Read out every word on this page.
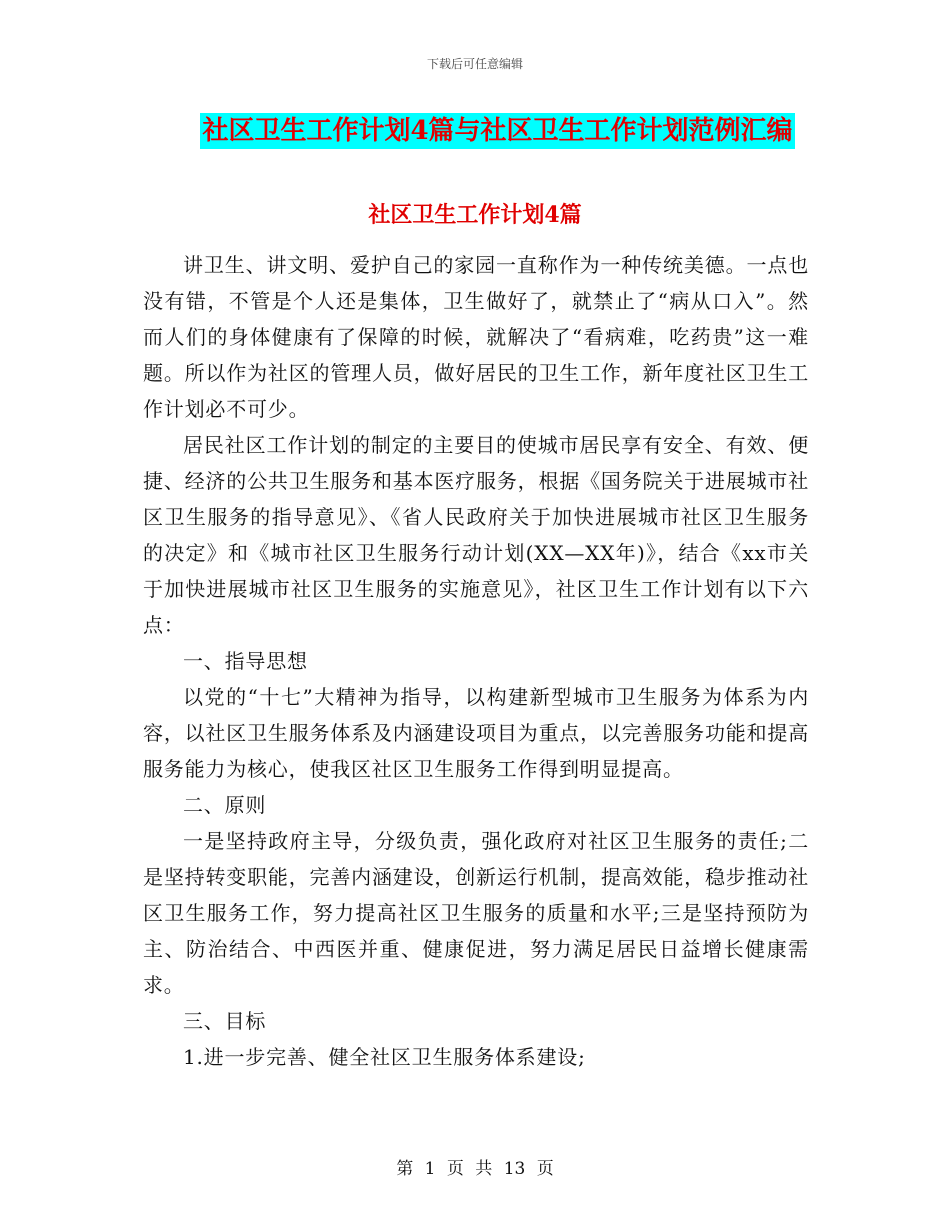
下载后可任意编辑
社区卫生工作计划4篇与社区卫生工作计划范例汇编
社区卫生工作计划4篇

讲卫生、讲文明、爱护自己的家园一直称作为一种传统美德。一点也没有错，不管是个人还是集体，卫生做好了，就禁止了“病从口入”。然而人们的身体健康有了保障的时候，就解决了“看病难，吃药贵”这一难题。所以作为社区的管理人员，做好居民的卫生工作，新年度社区卫生工作计划必不可少。

居民社区工作计划的制定的主要目的使城市居民享有安全、有效、便捷、经济的公共卫生服务和基本医疗服务，根据《国务院关于进展城市社区卫生服务的指导意见》、《省人民政府关于加快进展城市社区卫生服务的决定》和《城市社区卫生服务行动计划(XX—XX年)》，结合《xx市关于加快进展城市社区卫生服务的实施意见》，社区卫生工作计划有以下六点：

一、指导思想

以党的“十七”大精神为指导，以构建新型城市卫生服务为体系为内容，以社区卫生服务体系及内涵建设项目为重点，以完善服务功能和提高服务能力为核心，使我区社区卫生服务工作得到明显提高。

二、原则

一是坚持政府主导，分级负责，强化政府对社区卫生服务的责任;二是坚持转变职能，完善内涵建设，创新运行机制，提高效能，稳步推动社区卫生服务工作，努力提高社区卫生服务的质量和水平;三是坚持预防为主、防治结合、中西医并重、健康促进，努力满足居民日益增长健康需求。

三、目标

1.进一步完善、健全社区卫生服务体系建设;

第 1 页 共 13 页
